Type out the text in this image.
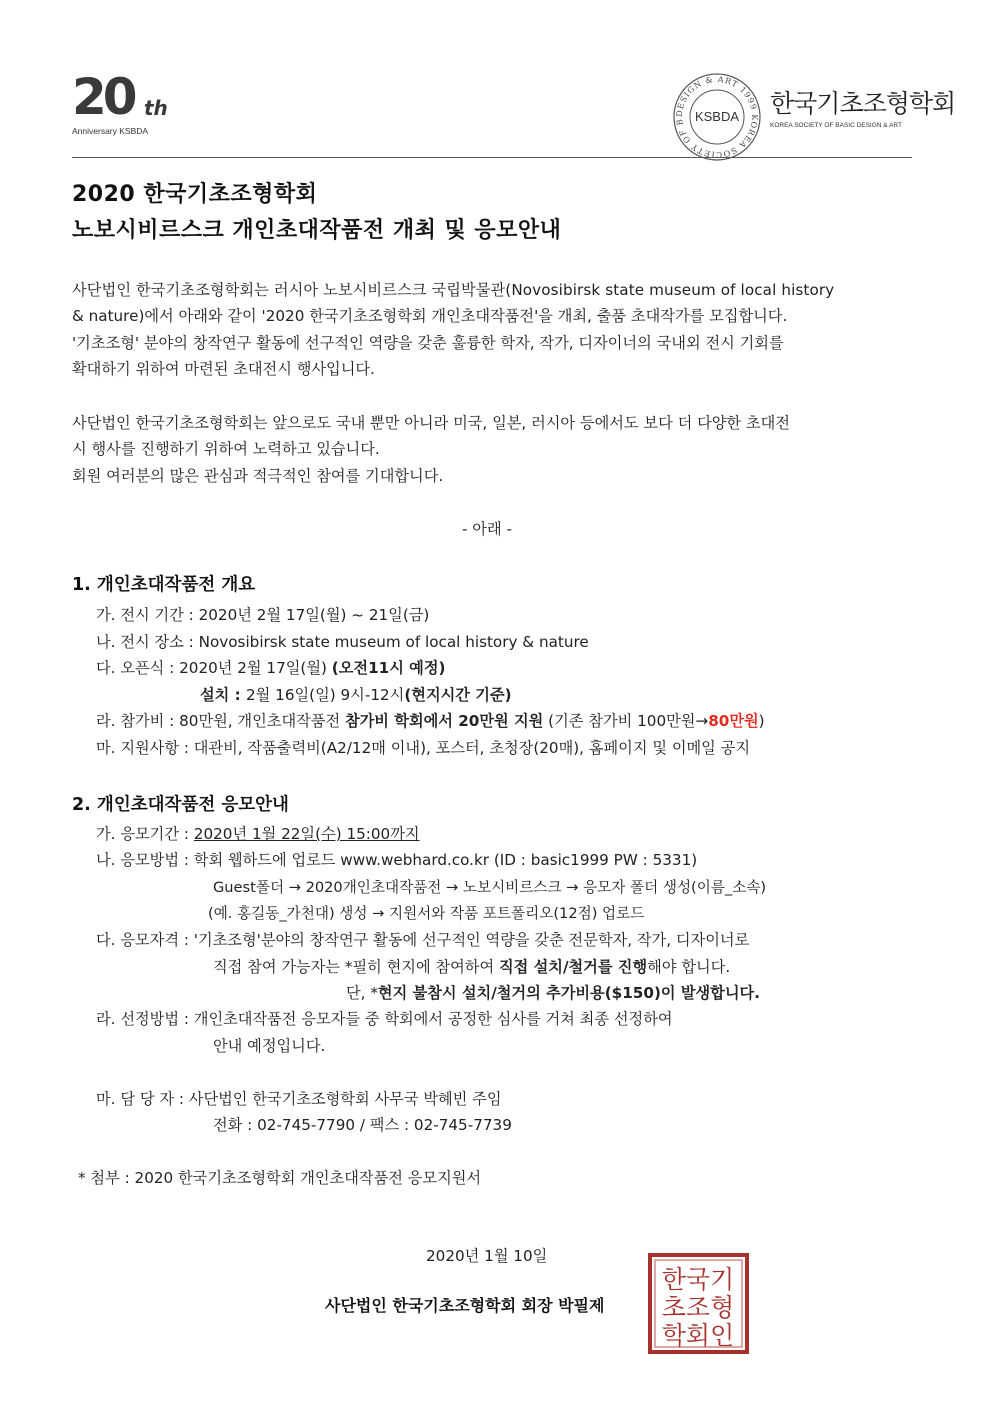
20 th
Anniversary KSBDA
DESIGN & ART 1999 KOREA SOCIETY OF B KSBDA 한국기초조형학회
KOREA SOCIETY OF BASIC DESIGN & ART
2020 한국기초조형학회
노보시비르스크 개인초대작품전 개최 및 응모안내
사단법인 한국기초조형학회는 러시아 노보시비르스크 국립박물관(Novosibirsk state museum of local history
& nature)에서 아래와 같이 '2020 한국기초조형학회 개인초대작품전'을 개최, 출품 초대작가를 모집합니다.
'기초조형' 분야의 창작연구 활동에 선구적인 역량을 갖춘 훌륭한 학자, 작가, 디자이너의 국내외 전시 기회를
확대하기 위하여 마련된 초대전시 행사입니다.
사단법인 한국기초조형학회는 앞으로도 국내 뿐만 아니라 미국, 일본, 러시아 등에서도 보다 더 다양한 초대전
시 행사를 진행하기 위하여 노력하고 있습니다.
회원 여러분의 많은 관심과 적극적인 참여를 기대합니다.
- 아래 -
1. 개인초대작품전 개요
가. 전시 기간 : 2020년 2월 17일(월) ~ 21일(금)
나. 전시 장소 : Novosibirsk state museum of local history & nature
다. 오픈식 : 2020년 2월 17일(월) (오전11시 예정)
설치 : 2월 16일(일) 9시-12시(현지시간 기준)
라. 참가비 : 80만원, 개인초대작품전 참가비 학회에서 20만원 지원 (기존 참가비 100만원→80만원)
마. 지원사항 : 대관비, 작품출력비(A2/12매 이내), 포스터, 초청장(20매), 홈페이지 및 이메일 공지
2. 개인초대작품전 응모안내
가. 응모기간 : 2020년 1월 22일(수) 15:00까지
나. 응모방법 : 학회 웹하드에 업로드 www.webhard.co.kr (ID : basic1999 PW : 5331)
Guest폴더 → 2020개인초대작품전 → 노보시비르스크 → 응모자 폴더 생성(이름_소속)
(예. 홍길동_가천대) 생성 → 지원서와 작품 포트폴리오(12점) 업로드
다. 응모자격 : '기초조형'분야의 창작연구 활동에 선구적인 역량을 갖춘 전문학자, 작가, 디자이너로
직접 참여 가능자는 *필히 현지에 참여하여 직접 설치/철거를 진행해야 합니다.
단, *현지 불참시 설치/철거의 추가비용($150)이 발생합니다.
라. 선정방법 : 개인초대작품전 응모자들 중 학회에서 공정한 심사를 거쳐 최종 선정하여
안내 예정입니다.
마. 담 당 자 : 사단법인 한국기초조형학회 사무국 박혜빈 주임
전화 : 02-745-7790 / 팩스 : 02-745-7739
* 첨부 : 2020 한국기초조형학회 개인초대작품전 응모지원서
2020년 1월 10일
사단법인 한국기초조형학회 회장 박필제
한국기
초조형
학회인
